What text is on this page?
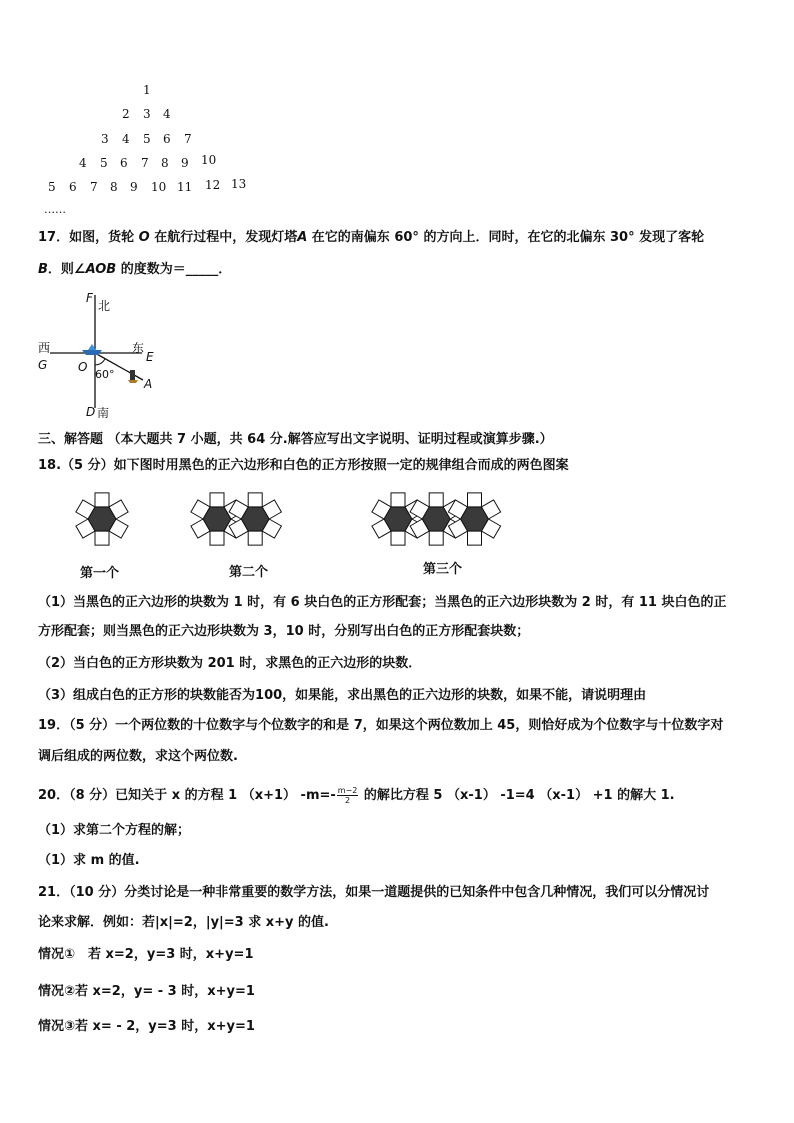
1
2 3 4
3 4 5 6 7
4 5 6 7 8 9 10
5 6 7 8 9 10 11 12 13
……
17．如图，货轮 O 在航行过程中，发现灯塔A 在它的南偏东 60° 的方向上．同时，在它的北偏东 30° 发现了客轮
B．则∠AOB 的度数为＝_____．
F
北
西
G
东
E
O
60°
A
D 南
三、解答题 （本大题共 7 小题，共 64 分.解答应写出文字说明、证明过程或演算步骤.）
18.（5 分）如下图时用黑色的正六边形和白色的正方形按照一定的规律组合而成的两色图案
第一个	第二个	第三个
（1）当黑色的正六边形的块数为 1 时，有 6 块白色的正方形配套；当黑色的正六边形块数为 2 时，有 11 块白色的正
方形配套；则当黑色的正六边形块数为 3，10 时，分别写出白色的正方形配套块数；
（2）当白色的正方形块数为 201 时，求黑色的正六边形的块数．
（3）组成白色的正方形的块数能否为100，如果能，求出黑色的正六边形的块数，如果不能，请说明理由
19．（5 分）一个两位数的十位数字与个位数字的和是 7，如果这个两位数加上 45，则恰好成为个位数字与十位数字对
调后组成的两位数，求这个两位数.
20．（8 分）已知关于 x 的方程 1 （x+1） $-m=- \frac{m-2}{2}$ 的解比方程 5 （x-1） -1=4 （x-1） +1 的解大 1.
（1）求第二个方程的解；
（1）求 m 的值.
21．（10 分）分类讨论是一种非常重要的数学方法，如果一道题提供的已知条件中包含几种情况，我们可以分情况讨
论来求解．例如：若|x|=2，|y|=3 求 x+y 的值.
情况①　若 x=2，y=3 时，x+y=1
情况②若 x=2，y= - 3 时，x+y=1
情况③若 x= - 2，y=3 时，x+y=1
